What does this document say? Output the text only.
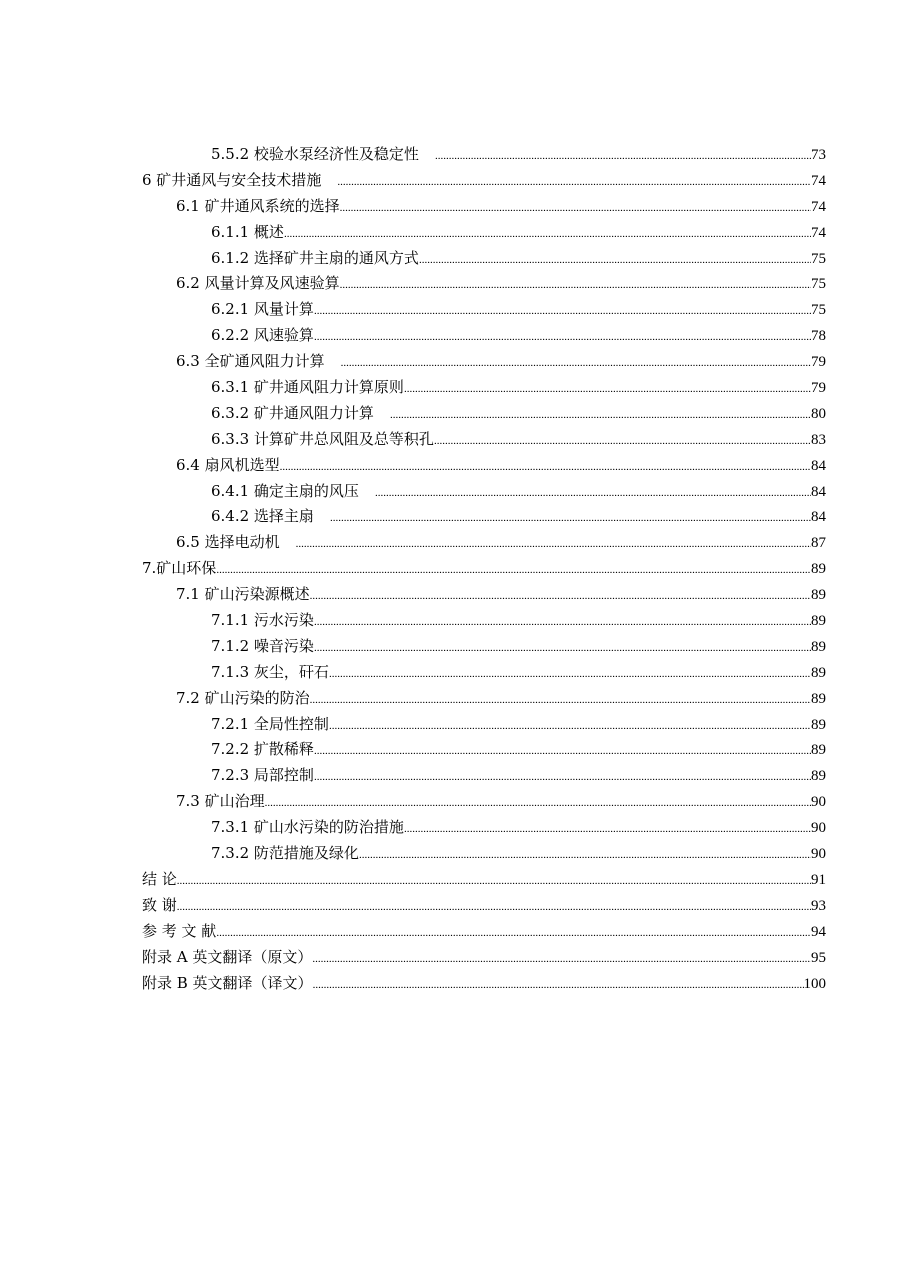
5.5.2 校验水泵经济性及稳定性 .....	73
6 矿井通风与安全技术措施 .....	74
6.1 矿井通风系统的选择 .....	74
6.1.1 概述 .....	74
6.1.2 选择矿井主扇的通风方式 .....	75
6.2 风量计算及风速验算 .....	75
6.2.1 风量计算 .....	75
6.2.2 风速验算 .....	78
6.3 全矿通风阻力计算 .....	79
6.3.1 矿井通风阻力计算原则 .....	79
6.3.2 矿井通风阻力计算 .....	80
6.3.3 计算矿井总风阻及总等积孔 .....	83
6.4 扇风机选型 .....	84
6.4.1 确定主扇的风压 .....	84
6.4.2 选择主扇 .....	84
6.5 选择电动机 .....	87
7.矿山环保 .....	89
7.1 矿山污染源概述 .....	89
7.1.1 污水污染 .....	89
7.1.2 噪音污染 .....	89
7.1.3 灰尘，矸石 .....	89
7.2 矿山污染的防治 .....	89
7.2.1 全局性控制 .....	89
7.2.2 扩散稀释 .....	89
7.2.3 局部控制 .....	89
7.3 矿山治理 .....	90
7.3.1 矿山水污染的防治措施 .....	90
7.3.2 防范措施及绿化 .....	90
结 论 .....	91
致 谢 .....	93
参 考 文 献 .....	94
附录 A 英文翻译（原文） .....	95
附录 B 英文翻译（译文） .....	100
